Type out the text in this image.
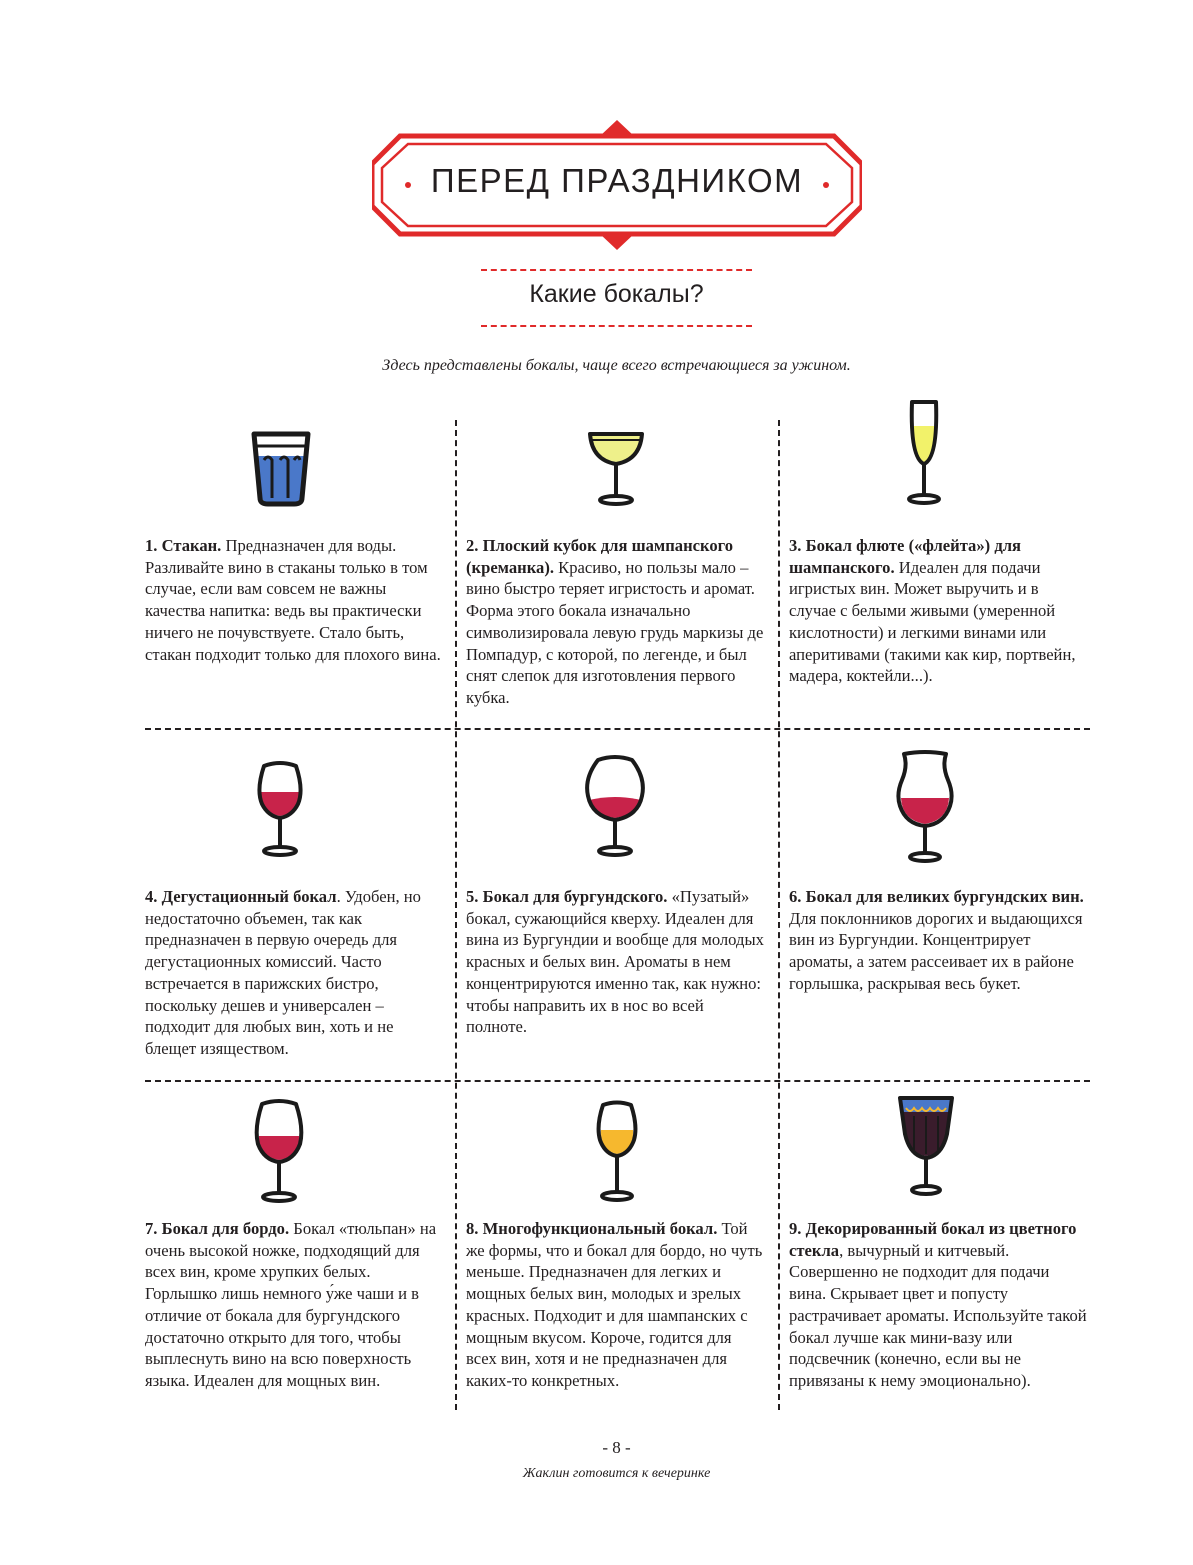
ПЕРЕД ПРАЗДНИКОМ
Какие бокалы?
Здесь представлены бокалы, чаще всего встречающиеся за ужином.
1. Стакан. Предназначен для воды. Разливайте вино в стаканы только в том случае, если вам совсем не важны качества напитка: ведь вы практически ничего не почувствуете. Стало быть, стакан подходит только для плохого вина.
2. Плоский кубок для шампанского (креманка). Красиво, но пользы мало – вино быстро теряет игристость и аромат. Форма этого бокала изначально символизировала левую грудь маркизы де Помпадур, с которой, по легенде, и был снят слепок для изготовления первого кубка.
3. Бокал флюте («флейта») для шампанского. Идеален для подачи игристых вин. Может выручить и в случае с белыми живыми (умеренной кислотности) и легкими винами или аперитивами (такими как кир, портвейн, мадера, коктейли...).
4. Дегустационный бокал. Удобен, но недостаточно объемен, так как предназначен в первую очередь для дегустационных комиссий. Часто встречается в парижских бистро, поскольку дешев и универсален – подходит для любых вин, хоть и не блещет изяществом.
5. Бокал для бургундского. «Пузатый» бокал, сужающийся кверху. Идеален для вина из Бургундии и вообще для молодых красных и белых вин. Ароматы в нем концентрируются именно так, как нужно: чтобы направить их в нос во всей полноте.
6. Бокал для великих бургундских вин. Для поклонников дорогих и выдающихся вин из Бургундии. Концентрирует ароматы, а затем рассеивает их в районе горлышка, раскрывая весь букет.
7. Бокал для бордо. Бокал «тюльпан» на очень высокой ножке, подходящий для всех вин, кроме хрупких белых. Горлышко лишь немного у́же чаши и в отличие от бокала для бургундского достаточно открыто для того, чтобы выплеснуть вино на всю поверхность языка. Идеален для мощных вин.
8. Многофункциональный бокал. Той же формы, что и бокал для бордо, но чуть меньше. Предназначен для легких и мощных белых вин, молодых и зрелых красных. Подходит и для шампанских с мощным вкусом. Короче, годится для всех вин, хотя и не предназначен для каких-то конкретных.
9. Декорированный бокал из цветного стекла, вычурный и китчевый. Совершенно не подходит для подачи вина. Скрывает цвет и попусту растрачивает ароматы. Используйте такой бокал лучше как мини-вазу или подсвечник (конечно, если вы не привязаны к нему эмоционально).
- 8 -
Жаклин готовится к вечеринке
